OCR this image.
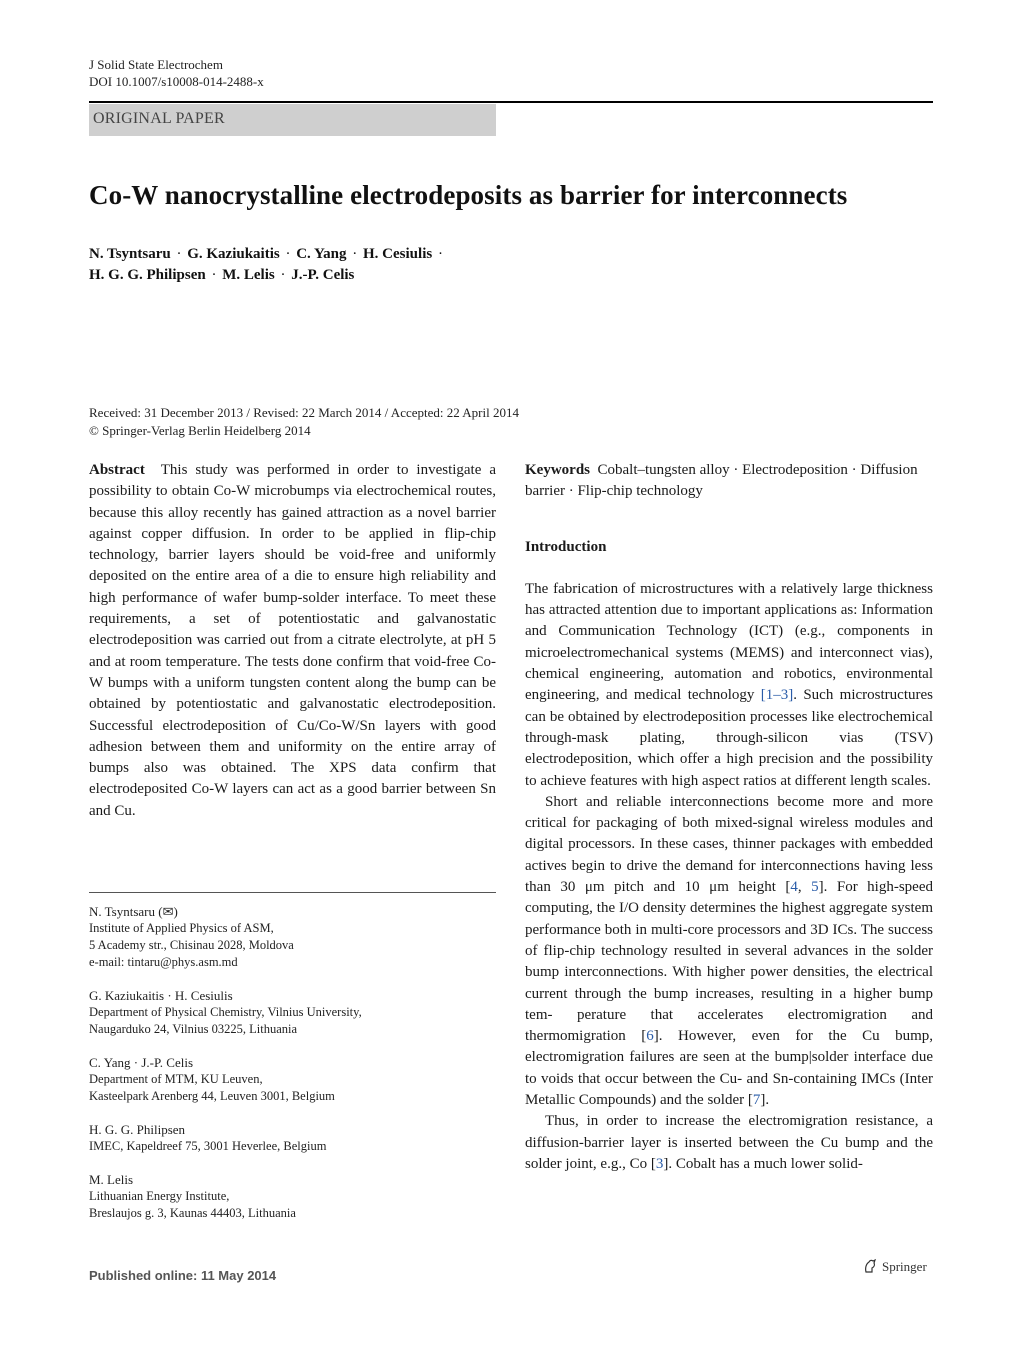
J Solid State Electrochem
DOI 10.1007/s10008-014-2488-x
ORIGINAL PAPER
Co-W nanocrystalline electrodeposits as barrier for interconnects
N. Tsyntsaru · G. Kaziukaitis · C. Yang · H. Cesiulis ·
H. G. G. Philipsen · M. Lelis · J.-P. Celis
Received: 31 December 2013 / Revised: 22 March 2014 / Accepted: 22 April 2014
© Springer-Verlag Berlin Heidelberg 2014

Abstract This study was performed in order to investigate a possibility to obtain Co-W microbumps via electrochemical routes, because this alloy recently has gained attraction as a novel barrier against copper diffusion. In order to be applied in flip-chip technology, barrier layers should be void-free and uniformly deposited on the entire area of a die to ensure high reliability and high performance of wafer bump-solder interface. To meet these requirements, a set of potentiostatic and galvanostatic electrodeposition was carried out from a citrate electrolyte, at pH 5 and at room temperature. The tests done confirm that void-free Co-W bumps with a uniform tungsten content along the bump can be obtained by potentiostatic and galvanostatic electrodeposition. Successful electrodeposition of Cu/Co-W/Sn layers with good adhesion between them and uniformity on the entire array of bumps also was obtained. The XPS data confirm that electrodeposited Co-W layers can act as a good barrier between Sn and Cu.

N. Tsyntsaru (✉)
Institute of Applied Physics of ASM,
5 Academy str., Chisinau 2028, Moldova
e-mail: tintaru@phys.asm.md
G. Kaziukaitis · H. Cesiulis
Department of Physical Chemistry, Vilnius University,
Naugarduko 24, Vilnius 03225, Lithuania
C. Yang · J.-P. Celis
Department of MTM, KU Leuven,
Kasteelpark Arenberg 44, Leuven 3001, Belgium
H. G. G. Philipsen
IMEC, Kapeldreef 75, 3001 Heverlee, Belgium
M. Lelis
Lithuanian Energy Institute,
Breslaujos g. 3, Kaunas 44403, Lithuania

Keywords Cobalt–tungsten alloy · Electrodeposition · Diffusion barrier · Flip-chip technology

Introduction

The fabrication of microstructures with a relatively large thickness has attracted attention due to important applications as: Information and Communication Technology (ICT) (e.g., components in microelectromechanical systems (MEMS) and interconnect vias), chemical engineering, automation and robotics, environmental engineering, and medical technology [1–3]. Such microstructures can be obtained by electrodeposition processes like electrochemical through-mask plating, through-silicon vias (TSV) electrodeposition, which offer a high precision and the possibility to achieve features with high aspect ratios at different length scales.

Short and reliable interconnections become more and more critical for packaging of both mixed-signal wireless modules and digital processors. In these cases, thinner packages with embedded actives begin to drive the demand for interconnections having less than 30 μm pitch and 10 μm height [4, 5]. For high-speed computing, the I/O density determines the highest aggregate system performance both in multi-core processors and 3D ICs. The success of flip-chip technology resulted in several advances in the solder bump interconnections. With higher power densities, the electrical current through the bump increases, resulting in a higher bump tem- perature that accelerates electromigration and thermomigration [6]. However, even for the Cu bump, electromigration failures are seen at the bump|solder interface due to voids that occur between the Cu- and Sn-containing IMCs (Inter Metallic Compounds) and the solder [7].

Thus, in order to increase the electromigration resistance, a diffusion-barrier layer is inserted between the Cu bump and the solder joint, e.g., Co [3]. Cobalt has a much lower solid-

Published online: 11 May 2014
Springer
